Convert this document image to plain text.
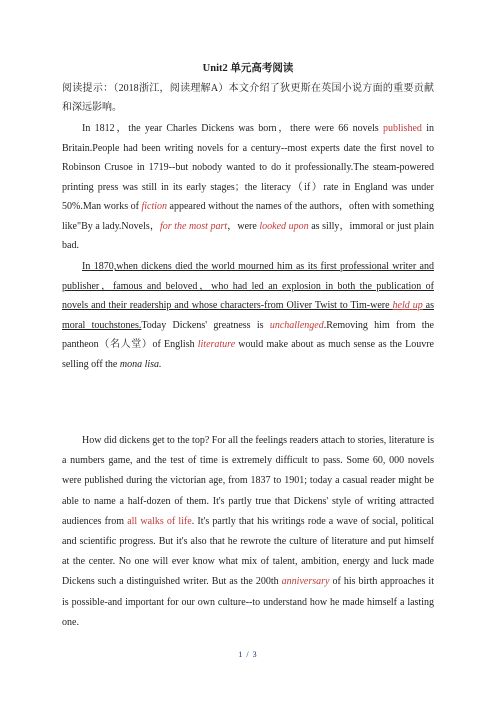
Unit2 单元高考阅读
阅读提示：（2018浙江，阅读理解A）本文介绍了狄更斯在英国小说方面的重要贡献和深远影响。
In 1812，the year Charles Dickens was born，there were 66 novels published in Britain.People had been writing novels for a century--most experts date the first novel to Robinson Crusoe in 1719--but nobody wanted to do it professionally.The steam-powered printing press was still in its early stages；the literacy（if）rate in England was under 50%.Man works of fiction appeared without the names of the authors，often with something like"By a lady.Novels，for the most part，were looked upon as silly，immoral or just plain bad.
In 1870,when dickens died the world mourned him as its first professional writer and publisher，famous and beloved，who had led an explosion in both the publication of novels and their readership and whose characters-from Oliver Twist to Tim-were held up as moral touchstones.Today Dickens' greatness is unchallenged.Removing him from the pantheon（名人堂）of English literature would make about as much sense as the Louvre selling off the mona lisa.
How did dickens get to the top? For all the feelings readers attach to stories, literature is a numbers game, and the test of time is extremely difficult to pass. Some 60, 000 novels were published during the victorian age, from 1837 to 1901; today a casual reader might be able to name a half-dozen of them. It's partly true that Dickens' style of writing attracted audiences from all walks of life. It's partly that his writings rode a wave of social, political and scientific progress. But it's also that he rewrote the culture of literature and put himself at the center. No one will ever know what mix of talent, ambition, energy and luck made Dickens such a distinguished writer. But as the 200th anniversary of his birth approaches it is possible-and important for our own culture--to understand how he made himself a lasting one.
1 / 3
